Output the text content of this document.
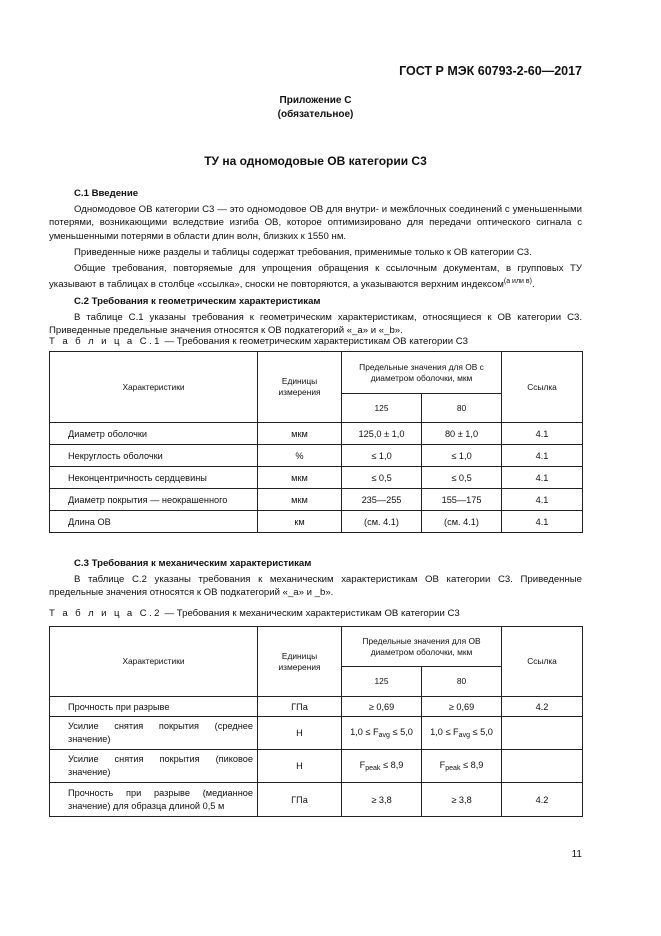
ГОСТ Р МЭК 60793-2-60—2017
Приложение С
(обязательное)
ТУ на одномодовые ОВ категории С3
С.1 Введение

Одномодовое ОВ категории С3 — это одномодовое ОВ для внутри- и межблочных соединений с уменьшенными потерями, возникающими вследствие изгиба ОВ, которое оптимизировано для передачи оптического сигнала с уменьшенными потерями в области длин волн, близких к 1550 нм.

Приведенные ниже разделы и таблицы содержат требования, применимые только к ОВ категории С3.

Общие требования, повторяемые для упрощения обращения к ссылочным документам, в групповых ТУ указывают в таблицах в столбце «ссылка», сноски не повторяются, а указываются верхним индексом$^{(a или в)}$.

С.2 Требования к геометрическим характеристикам

В таблице С.1 указаны требования к геометрическим характеристикам, относящиеся к ОВ категории С3. Приведенные предельные значения относятся к ОВ подкатегорий «_а» и «_b».

Т а б л и ц а С.1 — Требования к геометрическим характеристикам ОВ категории С3
Характеристики	Единицы измерения	Предельные значения для ОВ с диаметром оболочки, мкм		Ссылка
		125	80	
Диаметр оболочки	мкм	125,0 ± 1,0	80 ± 1,0	4.1
Некруглость оболочки	%	≤ 1,0	≤ 1,0	4.1
Неконцентричность сердцевины	мкм	≤ 0,5	≤ 0,5	4.1
Диаметр покрытия — неокрашенного	мкм	235—255	155—175	4.1
Длина ОВ	км	(см. 4.1)	(см. 4.1)	4.1
С.3 Требования к механическим характеристикам

В таблице С.2 указаны требования к механическим характеристикам ОВ категории С3. Приведенные предельные значения относятся к ОВ подкатегорий «_а» и _b».

Т а б л и ц а С.2 — Требования к механическим характеристикам ОВ категории С3
Характеристики	Единицы измерения	Предельные значения для ОВ диаметром оболочки, мкм		Ссылка
		125	80	
Прочность при разрыве	ГПа	≥ 0,69	≥ 0,69	4.2
Усилие снятия покрытия (среднее значение)	Н	$1,0 \le F_{avg} \le 5,0$	$1,0 \le F_{avg} \le 5,0$	
Усилие снятия покрытия (пиковое значение)	Н	$F_{peak} \le 8,9$	$F_{peak} \le 8,9$	
Прочность при разрыве (медианное значение) для образца длиной 0,5 м	ГПа	≥ 3,8	≥ 3,8	4.2
11
